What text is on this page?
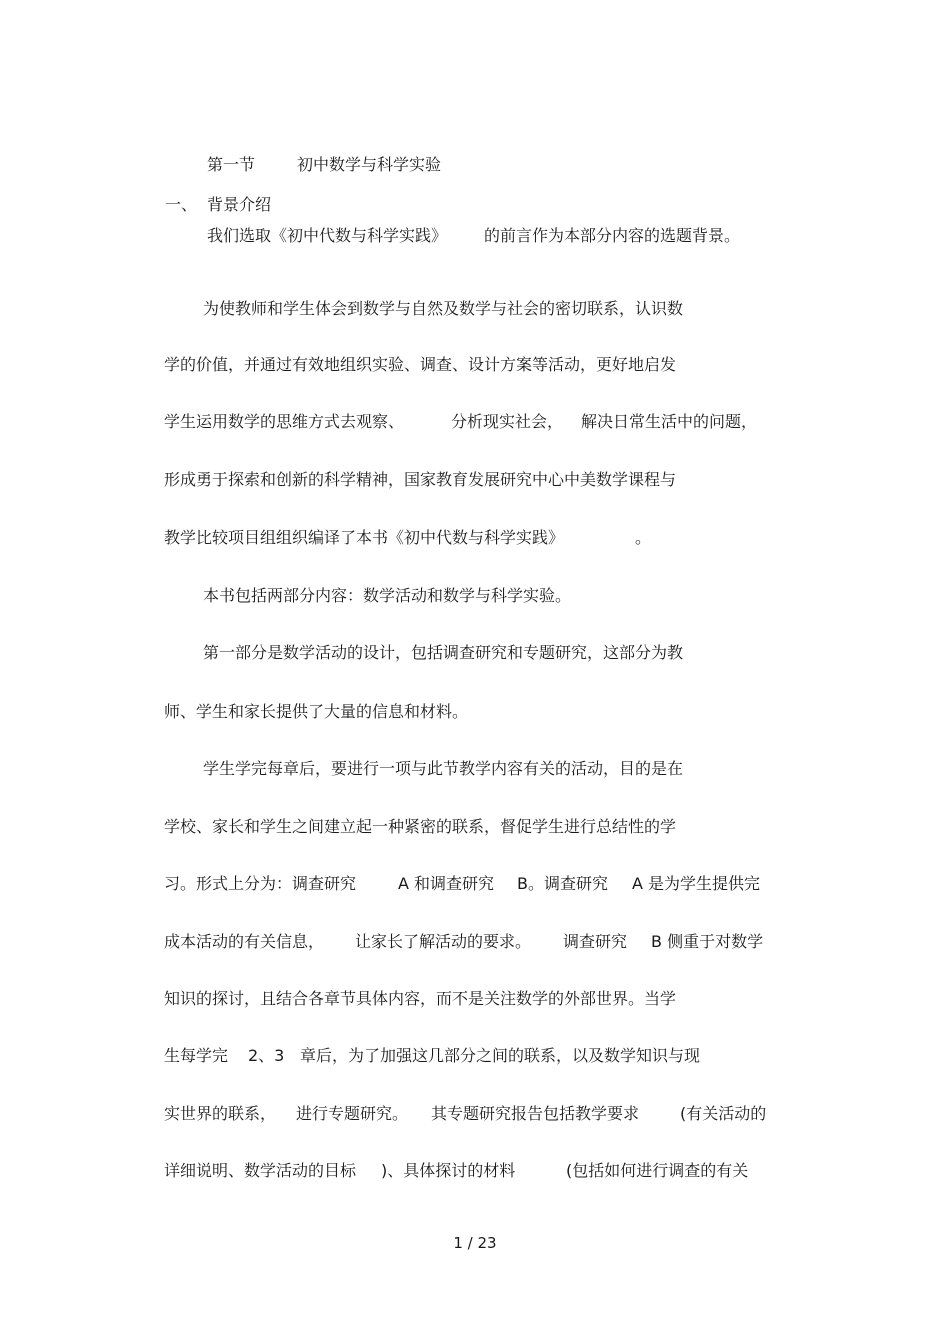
第一节

	初中数学与科学实验

一、

背景介绍

我们选取《初中代数与科学实践》

的前言作为本部分内容的选题背景。

为使教师和学生体会到数学与自然及数学与社会的密切联系，认识数

学的价值，并通过有效地组织实验、调查、设计方案等活动，更好地启发

学生运用数学的思维方式去观察、

	分析现实社会，

解决日常生活中的问题，

形成勇于探索和创新的科学精神，国家教育发展研究中心中美数学课程与

教学比较项目组组织编译了本书《初中代数与科学实践》

	。

本书包括两部分内容：数学活动和数学与科学实验。

第一部分是数学活动的设计，包括调查研究和专题研究，这部分为教

师、学生和家长提供了大量的信息和材料。

学生学完每章后，要进行一项与此节教学内容有关的活动，目的是在

学校、家长和学生之间建立起一种紧密的联系，督促学生进行总结性的学

习。形式上分为：调查研究

	A 和调查研究

B。调查研究

A 是为学生提供完

成本活动的有关信息，

让家长了解活动的要求。

调查研究

B 侧重于对数学

知识的探讨，且结合各章节具体内容，而不是关注数学的外部世界。当学

生每学完

2、3

章后，为了加强这几部分之间的联系，以及数学知识与现

实世界的联系，

进行专题研究。

其专题研究报告包括教学要求

	(有关活动的

详细说明、数学活动的目标

)、具体探讨的材料

	(包括如何进行调查的有关

1 / 23
